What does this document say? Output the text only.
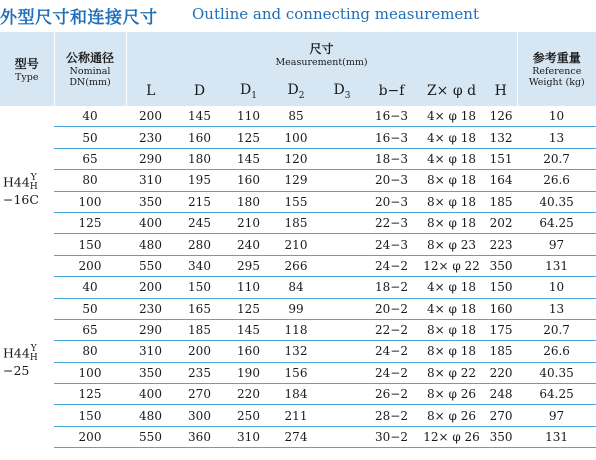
外型尺寸和连接尺寸 Outline and connecting measurement
型号
Type	公称通径
Nominal
DN(mm)	尺寸
Measurement(mm)								参考重量
Reference
Weight (kg)

		L	D	$D_1$	$D_2$	$D_3$	b−f	Z× φ d	H	

H44Y
H
−16C	40	200	145	110	85		16−3	4× φ 18	126	10
	50	230	160	125	100		16−3	4× φ 18	132	13
	65	290	180	145	120		18−3	4× φ 18	151	20.7
	80	310	195	160	129		20−3	8× φ 18	164	26.6
	100	350	215	180	155		20−3	8× φ 18	185	40.35
	125	400	245	210	185		22−3	8× φ 18	202	64.25
	150	480	280	240	210		24−3	8× φ 23	223	97
	200	550	340	295	266		24−2	12× φ 22	350	131

H44Y
H
−25	40	200	150	110	84		18−2	4× φ 18	150	10
	50	230	165	125	99		20−2	4× φ 18	160	13
	65	290	185	145	118		22−2	8× φ 18	175	20.7
	80	310	200	160	132		24−2	8× φ 18	185	26.6
	100	350	235	190	156		24−2	8× φ 22	220	40.35
	125	400	270	220	184		26−2	8× φ 26	248	64.25
	150	480	300	250	211		28−2	8× φ 26	270	97
	200	550	360	310	274		30−2	12× φ 26	350	131
